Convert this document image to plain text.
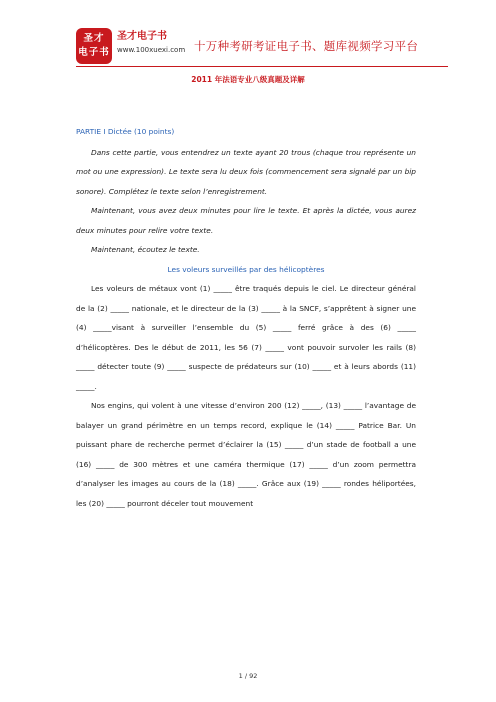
圣才
电子书
圣才电子书
www.100xuexi.com 十万种考研考证电子书、题库视频学习平台
2011 年法语专业八级真题及详解

PARTIE Ⅰ Dictée (10 points)

Dans cette partie, vous entendrez un texte ayant 20 trous (chaque trou représente un mot ou une expression). Le texte sera lu deux fois (commencement sera signalé par un bip sonore). Complétez le texte selon l’enregistrement.

Maintenant, vous avez deux minutes pour lire le texte. Et après la dictée, vous aurez deux minutes pour relire votre texte.

Maintenant, écoutez le texte.

Les voleurs surveillés par des hélicoptères

Les voleurs de métaux vont (1) _____ être traqués depuis le ciel. Le directeur général de la (2) _____ nationale, et le directeur de la (3) _____ à la SNCF, s’apprêtent à signer une (4) _____visant à surveiller l’ensemble du (5) _____ ferré grâce à des (6) _____ d’hélicoptères. Des le début de 2011, les 56 (7) _____ vont pouvoir survoler les rails (8) _____ détecter toute (9) _____ suspecte de prédateurs sur (10) _____ et à leurs abords (11) _____.

Nos engins, qui volent à une vitesse d’environ 200 (12) _____, (13) _____ l’avantage de balayer un grand périmètre en un temps record, explique le (14) _____ Patrice Bar. Un puissant phare de recherche permet d’éclairer la (15) _____ d’un stade de football a une (16) _____ de 300 mètres et une caméra thermique (17) _____ d’un zoom permettra d’analyser les images au cours de la (18) _____. Grâce aux (19) _____ rondes héliportées, les (20) _____ pourront déceler tout mouvement

1 / 92
